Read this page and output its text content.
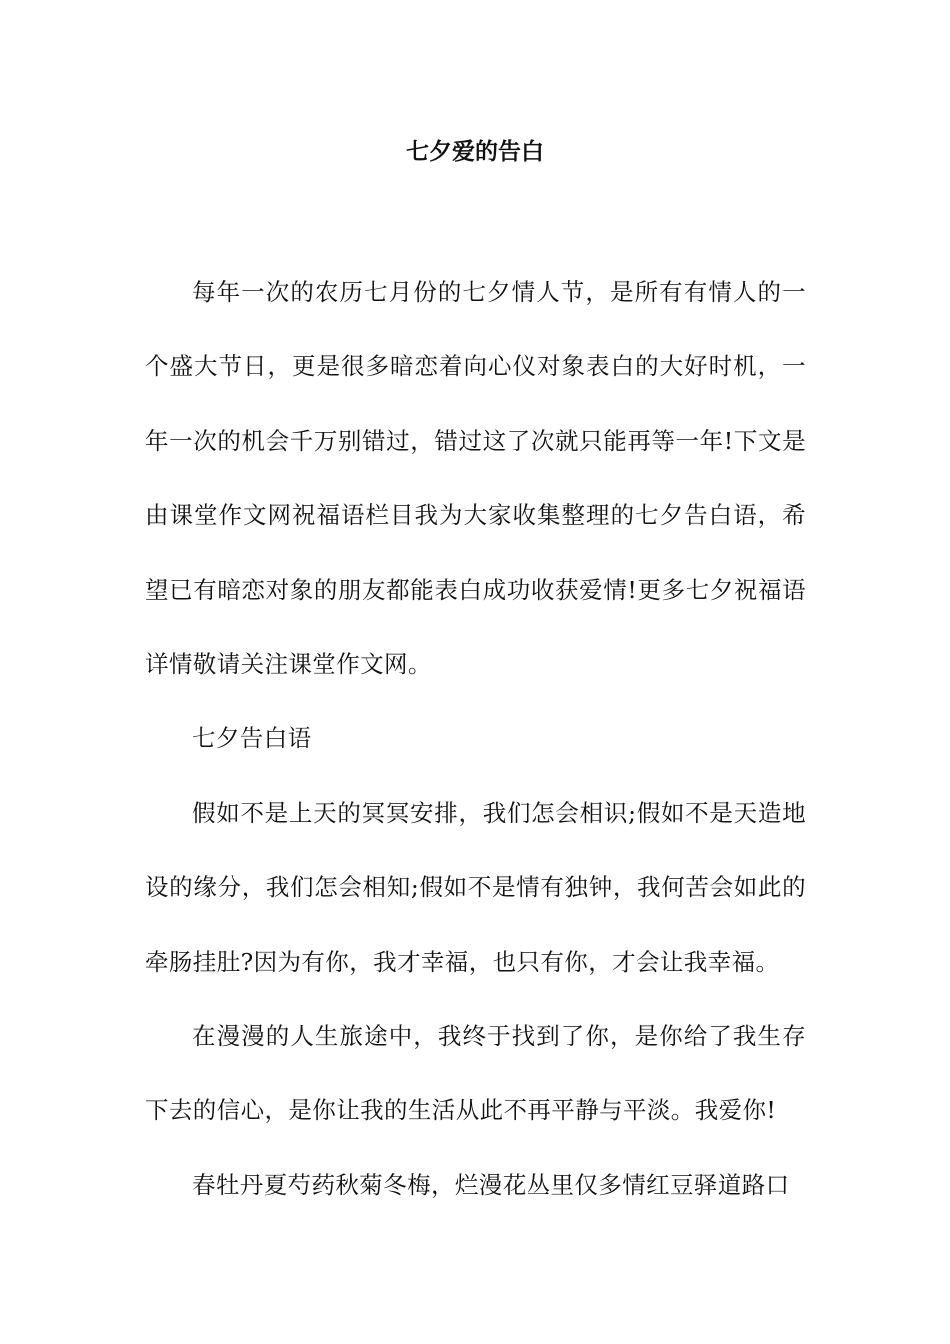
七夕爱的告白

每年一次的农历七月份的七夕情人节，是所有有情人的一个盛大节日，更是很多暗恋着向心仪对象表白的大好时机，一年一次的机会千万别错过，错过这了次就只能再等一年!下文是由课堂作文网祝福语栏目我为大家收集整理的七夕告白语，希望已有暗恋对象的朋友都能表白成功收获爱情!更多七夕祝福语详情敬请关注课堂作文网。

七夕告白语

假如不是上天的冥冥安排，我们怎会相识;假如不是天造地设的缘分，我们怎会相知;假如不是情有独钟，我何苦会如此的牵肠挂肚?因为有你，我才幸福，也只有你，才会让我幸福。

在漫漫的人生旅途中，我终于找到了你，是你给了我生存下去的信心，是你让我的生活从此不再平静与平淡。我爱你!

春牡丹夏芍药秋菊冬梅，烂漫花丛里仅多情红豆驿道路口
